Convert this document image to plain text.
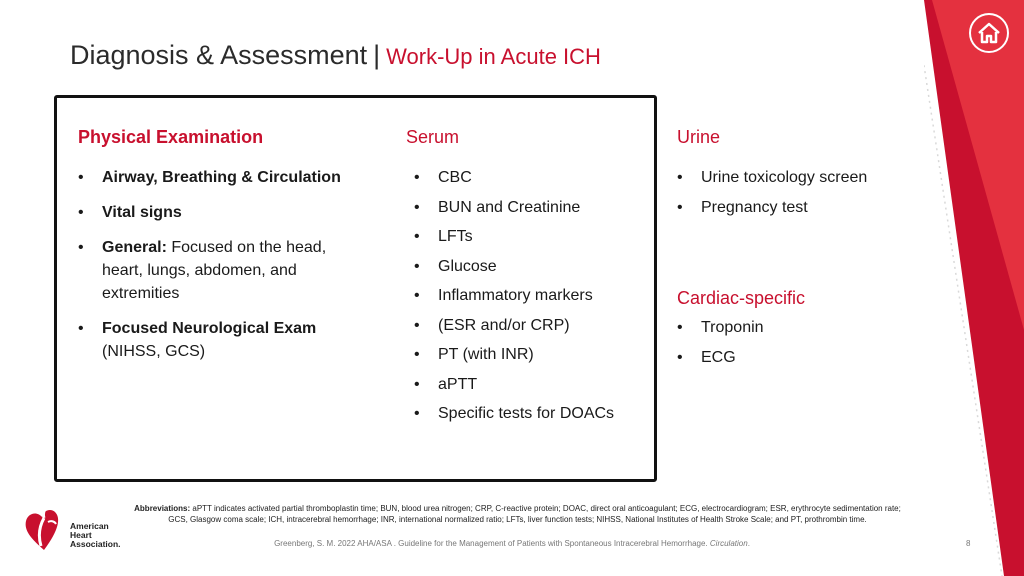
Diagnosis & Assessment | Work-Up in Acute ICH
Physical Examination
• Airway, Breathing & Circulation
• Vital signs
• General: Focused on the head, heart, lungs, abdomen, and extremities
• Focused Neurological Exam
(NIHSS, GCS)
Serum
• CBC
• BUN and Creatinine
• LFTs
• Glucose
• Inflammatory markers
• (ESR and/or CRP)
• PT (with INR)
• aPTT
• Specific tests for DOACs
Urine
• Urine toxicology screen
• Pregnancy test
Cardiac-specific
• Troponin
• ECG
Abbreviations: aPTT indicates activated partial thromboplastin time; BUN, blood urea nitrogen; CRP, C-reactive protein; DOAC, direct oral anticoagulant; ECG, electrocardiogram; ESR, erythrocyte sedimentation rate; GCS, Glasgow coma scale; ICH, intracerebral hemorrhage; INR, international normalized ratio; LFTs, liver function tests; NIHSS, National Institutes of Health Stroke Scale; and PT, prothrombin time.
Greenberg, S. M. 2022 AHA/ASA . Guideline for the Management of Patients with Spontaneous Intracerebral Hemorrhage. Circulation.	8
American
Heart
Association.
